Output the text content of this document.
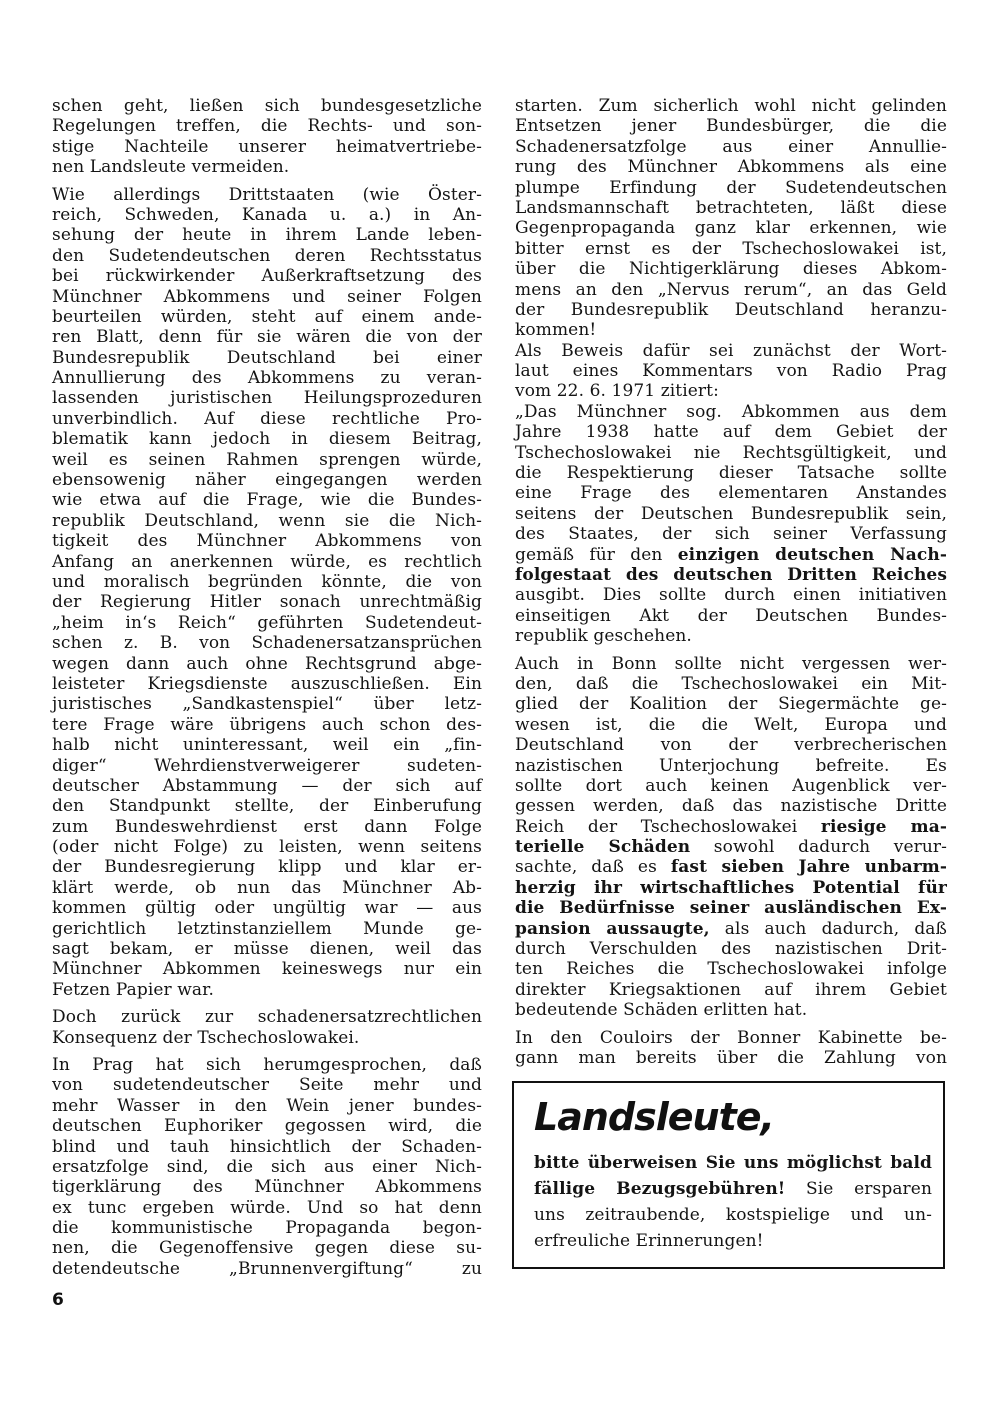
schen geht, ließen sich bundesgesetzliche
Regelungen treffen, die Rechts- und son-
stige Nachteile unserer heimatvertriebe-
nen Landsleute vermeiden.
Wie allerdings Drittstaaten (wie Öster-
reich, Schweden, Kanada u. a.) in An-
sehung der heute in ihrem Lande leben-
den Sudetendeutschen deren Rechtsstatus
bei rückwirkender Außerkraftsetzung des
Münchner Abkommens und seiner Folgen
beurteilen würden, steht auf einem ande-
ren Blatt, denn für sie wären die von der
Bundesrepublik Deutschland bei einer
Annullierung des Abkommens zu veran-
lassenden juristischen Heilungsprozeduren
unverbindlich. Auf diese rechtliche Pro-
blematik kann jedoch in diesem Beitrag,
weil es seinen Rahmen sprengen würde,
ebensowenig näher eingegangen werden
wie etwa auf die Frage, wie die Bundes-
republik Deutschland, wenn sie die Nich-
tigkeit des Münchner Abkommens von
Anfang an anerkennen würde, es rechtlich
und moralisch begründen könnte, die von
der Regierung Hitler sonach unrechtmäßig
„heim in‘s Reich“ geführten Sudetendeut-
schen z. B. von Schadenersatzansprüchen
wegen dann auch ohne Rechtsgrund abge-
leisteter Kriegsdienste auszuschließen. Ein
juristisches „Sandkastenspiel“ über letz-
tere Frage wäre übrigens auch schon des-
halb nicht uninteressant, weil ein „fin-
diger“ Wehrdienstverweigerer sudeten-
deutscher Abstammung — der sich auf
den Standpunkt stellte, der Einberufung
zum Bundeswehrdienst erst dann Folge
(oder nicht Folge) zu leisten, wenn seitens
der Bundesregierung klipp und klar er-
klärt werde, ob nun das Münchner Ab-
kommen gültig oder ungültig war — aus
gerichtlich letztinstanziellem Munde ge-
sagt bekam, er müsse dienen, weil das
Münchner Abkommen keineswegs nur ein
Fetzen Papier war.
Doch zurück zur schadenersatzrechtlichen
Konsequenz der Tschechoslowakei.
In Prag hat sich herumgesprochen, daß
von sudetendeutscher Seite mehr und
mehr Wasser in den Wein jener bundes-
deutschen Euphoriker gegossen wird, die
blind und tauh hinsichtlich der Schaden-
ersatzfolge sind, die sich aus einer Nich-
tigerklärung des Münchner Abkommens
ex tunc ergeben würde. Und so hat denn
die kommunistische Propaganda begon-
nen, die Gegenoffensive gegen diese su-
detendeutsche „Brunnenvergiftung“ zu
starten. Zum sicherlich wohl nicht gelinden
Entsetzen jener Bundesbürger, die die
Schadenersatzfolge aus einer Annullie-
rung des Münchner Abkommens als eine
plumpe Erfindung der Sudetendeutschen
Landsmannschaft betrachteten, läßt diese
Gegenpropaganda ganz klar erkennen, wie
bitter ernst es der Tschechoslowakei ist,
über die Nichtigerklärung dieses Abkom-
mens an den „Nervus rerum“, an das Geld
der Bundesrepublik Deutschland heranzu-
kommen!
Als Beweis dafür sei zunächst der Wort-
laut eines Kommentars von Radio Prag
vom 22. 6. 1971 zitiert:
„Das Münchner sog. Abkommen aus dem
Jahre 1938 hatte auf dem Gebiet der
Tschechoslowakei nie Rechtsgültigkeit, und
die Respektierung dieser Tatsache sollte
eine Frage des elementaren Anstandes
seitens der Deutschen Bundesrepublik sein,
des Staates, der sich seiner Verfassung
gemäß für den einzigen deutschen Nach-
folgestaat des deutschen Dritten Reiches
ausgibt. Dies sollte durch einen initiativen
einseitigen Akt der Deutschen Bundes-
republik geschehen.
Auch in Bonn sollte nicht vergessen wer-
den, daß die Tschechoslowakei ein Mit-
glied der Koalition der Siegermächte ge-
wesen ist, die die Welt, Europa und
Deutschland von der verbrecherischen
nazistischen Unterjochung befreite. Es
sollte dort auch keinen Augenblick ver-
gessen werden, daß das nazistische Dritte
Reich der Tschechoslowakei riesige ma-
terielle Schäden sowohl dadurch verur-
sachte, daß es fast sieben Jahre unbarm-
herzig ihr wirtschaftliches Potential für
die Bedürfnisse seiner ausländischen Ex-
pansion aussaugte, als auch dadurch, daß
durch Verschulden des nazistischen Drit-
ten Reiches die Tschechoslowakei infolge
direkter Kriegsaktionen auf ihrem Gebiet
bedeutende Schäden erlitten hat.
In den Couloirs der Bonner Kabinette be-
gann man bereits über die Zahlung von
Landsleute,
bitte überweisen Sie uns möglichst bald
fällige Bezugsgebühren! Sie ersparen
uns zeitraubende, kostspielige und un-
erfreuliche Erinnerungen!
6
